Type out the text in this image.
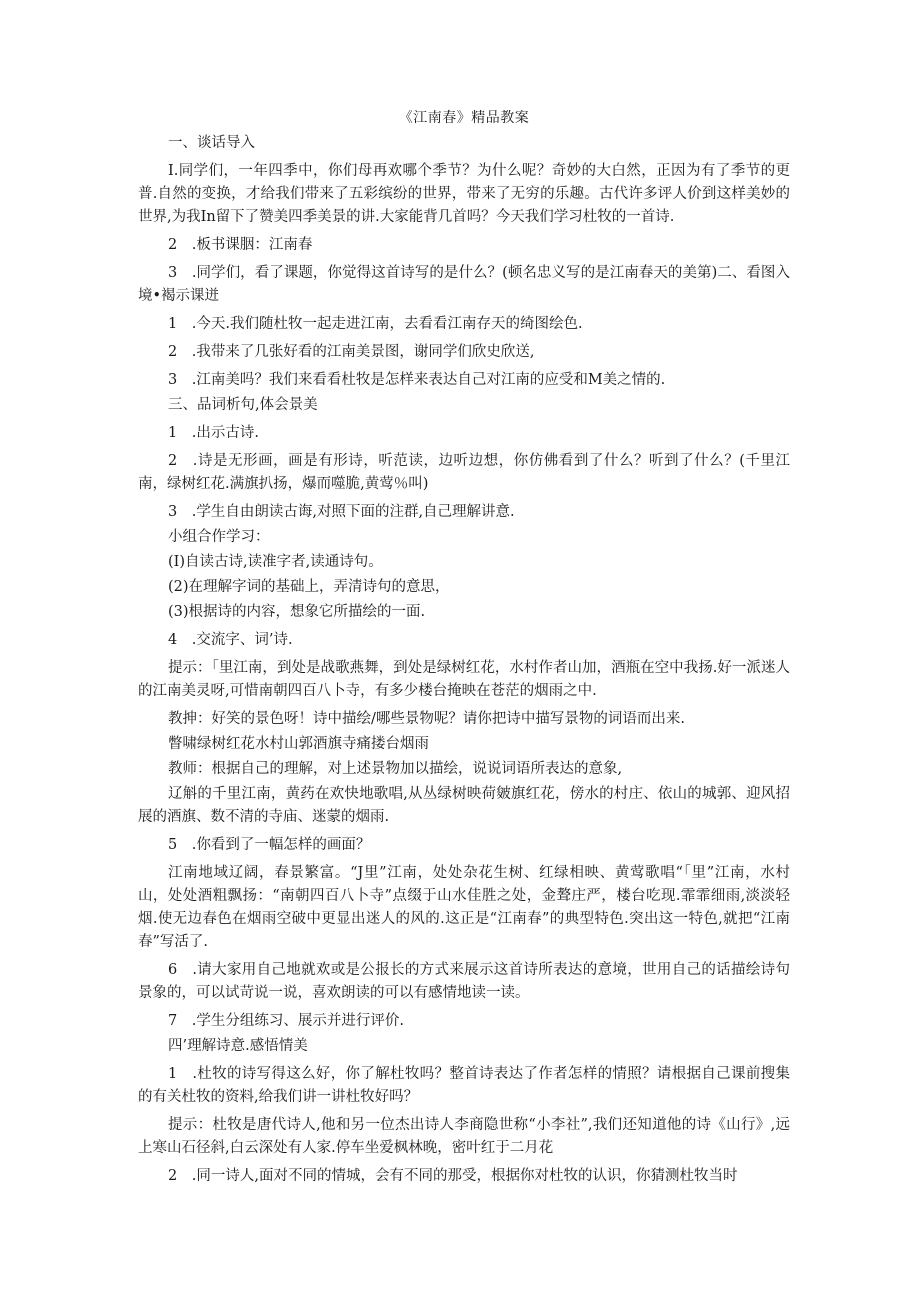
《江南春》精品教案

一、谈话导入

I.同学们，一年四季中，你们母再欢哪个季节？为什么呢？奇妙的大白然，正因为有了季节的更普.自然的变换，才给我们带来了五彩缤纷的世界，带来了无穷的乐趣。古代许多评人价到这样美妙的世界,为我In留下了赞美四季美景的讲.大家能背几首吗？今天我们学习杜牧的一首诗.

2　.板书课胭：江南春

3　.同学们，看了课题，你觉得这首诗写的是什么？(顿名忠义写的是江南春天的美第)二、看图入境•褐示课迸

1　.今天.我们随杜牧一起走进江南，去看看江南存天的绮图绘色.

2　.我带来了几张好看的江南美景图，谢同学们欣史欣送,

3　.江南美吗？我们来看看杜牧是怎样来表达自己对江南的应受和M美之情的.

三、品词析句,体会景美

1　.出示古诗.

2　.诗是无形画，画是有形诗，听范读，边听边想，你仿佛看到了什么？听到了什么？(千里江南，绿树红花.满旗扒扬，爆而噬脆,黄莺％叫)

3　.学生自由朗读古诲,对照下面的注群,自己理解讲意.

小组合作学习：

(I)自读古诗,读准字者,读通诗句。

(2)在理解字词的基础上，弄清诗句的意思，

(3)根据诗的内容，想象它所描绘的一面.

4　.交流字、词’诗.

提示：「里江南，到处是战歌燕舞，到处是绿树红花，水村作者山加，酒瓶在空中我扬.好一派迷人的江南美灵呀,可惜南朝四百八卜寺，有多少楼台掩映在苍茫的烟雨之中.

教抻：好笑的景色呀！诗中描绘/哪些景物呢？请你把诗中描写景物的词语而出来.

瞥啸绿树红花水村山郭酒旗寺痛搂台烟雨

教师：根据自己的理解，对上述景物加以描绘，说说词语所表达的意象,

辽斛的千里江南，黄药在欢快地歌唱,从丛绿树映荷皴旗红花，傍水的村庄、依山的城郭、迎风招展的酒旗、数不清的寺庙、迷蒙的烟雨.

5　.你看到了一幅怎样的画面？

江南地域辽阔，春景繁富。“J里”江南，处处杂花生树、红绿相映、黄莺歌唱“「里”江南，水村山，处处酒粗飘扬：“南朝四百八卜寺”点缀于山水佳胜之处，金聱庄严，楼台吃现.霏霏细雨,淡淡轻烟.使无边春色在烟雨空破中更显出迷人的风的.这正是“江南春”的典型特色.突出这一特色,就把“江南春”写活了.

6　.请大家用自己地就欢或是公报长的方式来展示这首诗所表达的意境，世用自己的话描绘诗句景象的，可以试苛说一说，喜欢朗读的可以有感情地读一读。

7　.学生分组练习、展示并进行评价.

四’理解诗意.感悟情美

1　.杜牧的诗写得这么好，你了解杜牧吗？整首诗表达了作者怎样的情照？请根据自己课前搜集的有关杜牧的资料,给我们讲一讲杜牧好吗？

提示：杜牧是唐代诗人,他和另一位杰出诗人李商隐世称“小李社”,我们还知道他的诗《山行》,远上寒山石径斜,白云深处有人家.停车坐爱枫林晚，密叶红于二月花

2　.同一诗人,面对不同的情城，会有不同的那受，根据你对杜牧的认识，你猜测杜牧当时
